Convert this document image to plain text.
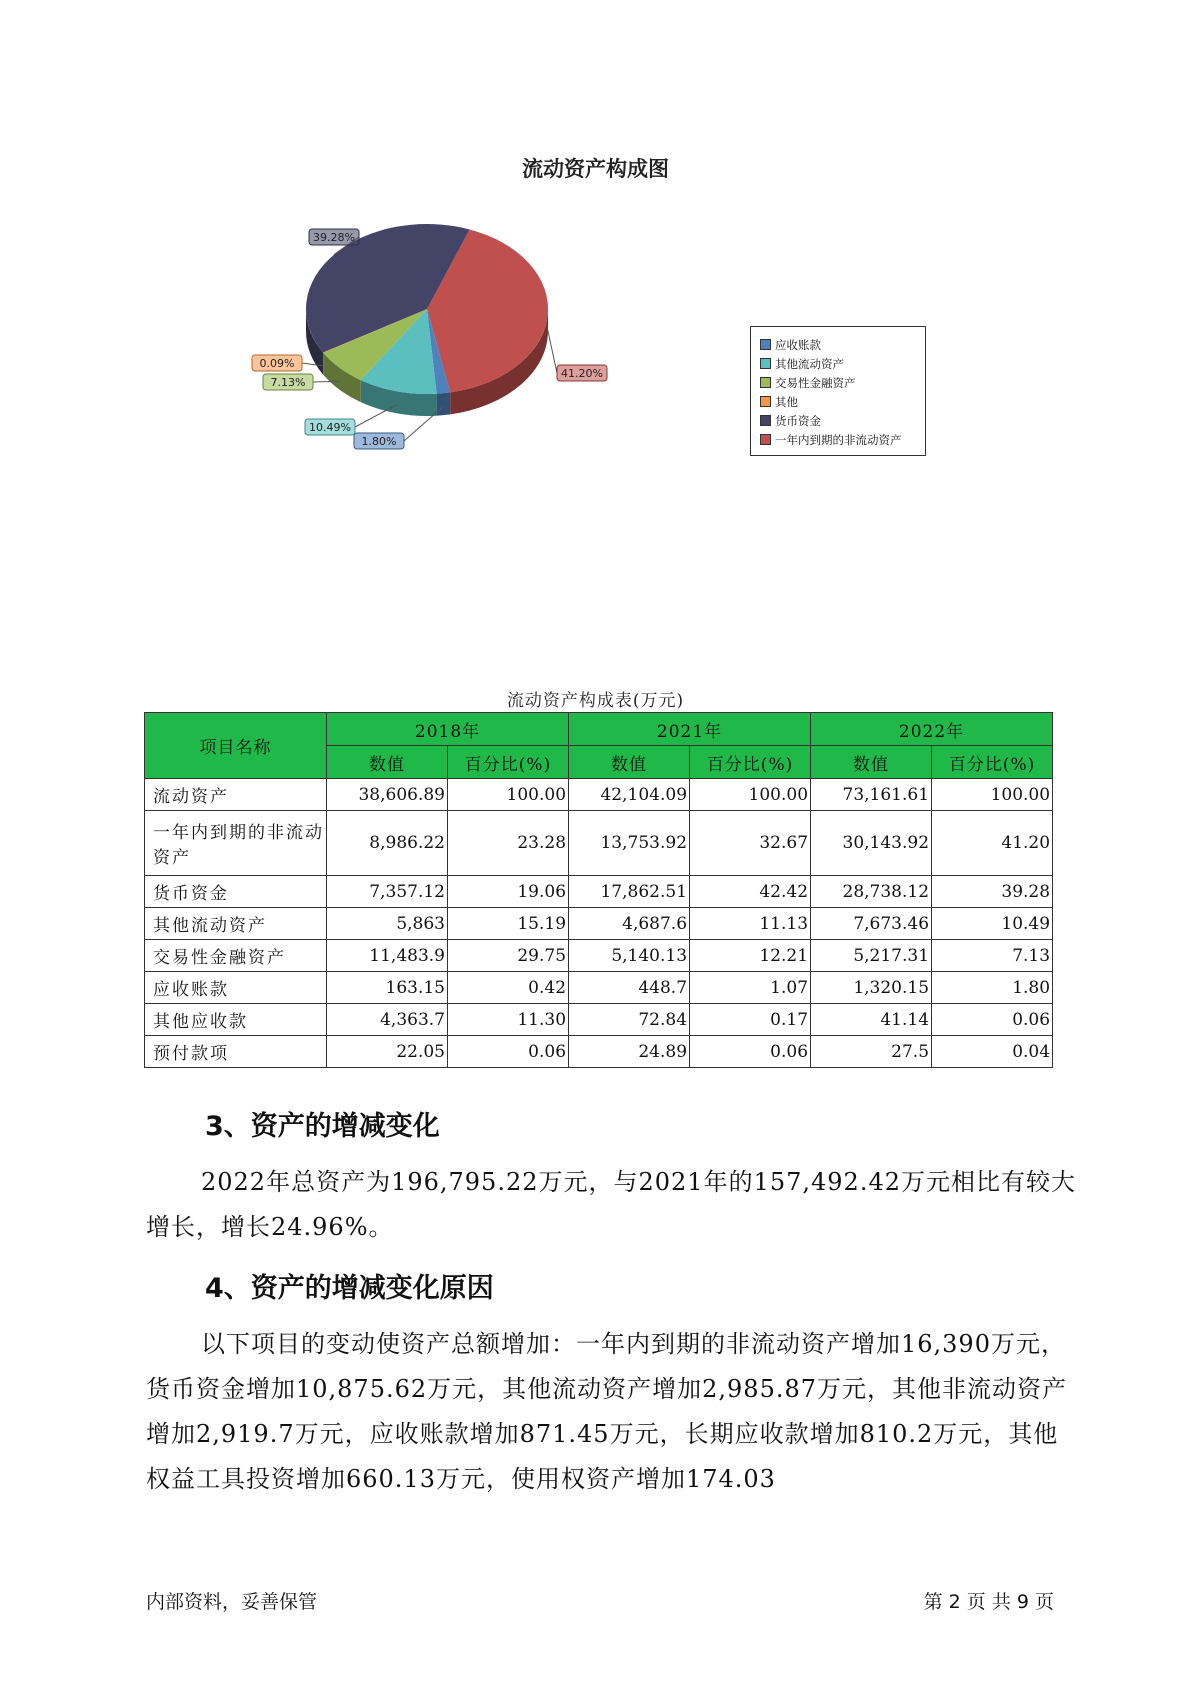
流动资产构成图
41.20%
1.80%
10.49%
7.13%
0.09%
39.28%
应收账款
其他流动资产
交易性金融资产
其他
货币资金
一年内到期的非流动资产
流动资产构成表(万元)
项目名称	2018年		2021年		2022年	
	数值	百分比(%)	数值	百分比(%)	数值	百分比(%)
流动资产	38,606.89	100.00	42,104.09	100.00	73,161.61	100.00
一年内到期的非流动资产	8,986.22	23.28	13,753.92	32.67	30,143.92	41.20
货币资金	7,357.12	19.06	17,862.51	42.42	28,738.12	39.28
其他流动资产	5,863	15.19	4,687.6	11.13	7,673.46	10.49
交易性金融资产	11,483.9	29.75	5,140.13	12.21	5,217.31	7.13
应收账款	163.15	0.42	448.7	1.07	1,320.15	1.80
其他应收款	4,363.7	11.30	72.84	0.17	41.14	0.06
预付款项	22.05	0.06	24.89	0.06	27.5	0.04
3、资产的增减变化

2022年总资产为196,795.22万元，与2021年的157,492.42万元相比有较大增长，增长24.96%。

4、资产的增减变化原因

以下项目的变动使资产总额增加：一年内到期的非流动资产增加16,390万元，货币资金增加10,875.62万元，其他流动资产增加2,985.87万元，其他非流动资产增加2,919.7万元，应收账款增加871.45万元，长期应收款增加810.2万元，其他权益工具投资增加660.13万元，使用权资产增加174.03

内部资料，妥善保管	第 2 页 共 9 页
